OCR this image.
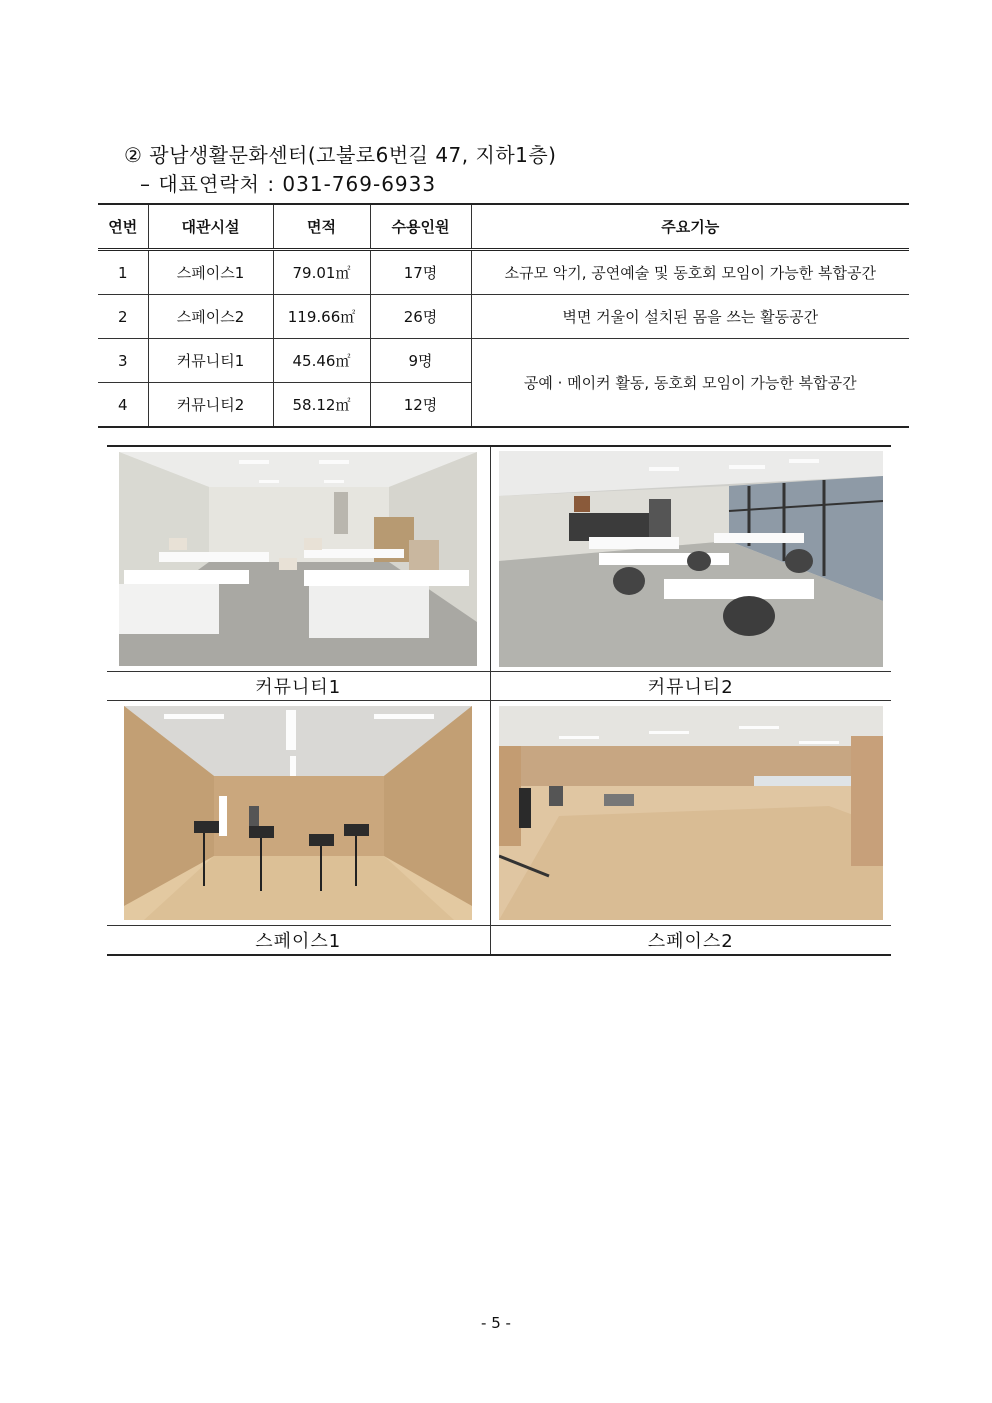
② 광남생활문화센터(고불로6번길 47, 지하1층)
– 대표연락처 : 031-769-6933
연번	대관시설	면적	수용인원	주요기능
1	스페이스1	79.01㎡	17명	소규모 악기, 공연예술 및 동호회 모임이 가능한 복합공간
2	스페이스2	119.66㎡	26명	벽면 거울이 설치된 몸을 쓰는 활동공간
3	커뮤니티1	45.46㎡	9명	공예 · 메이커 활동, 동호회 모임이 가능한 복합공간
4	커뮤니티2	58.12㎡	12명	

커뮤니티1	커뮤니티2

스페이스1	스페이스2
- 5 -
